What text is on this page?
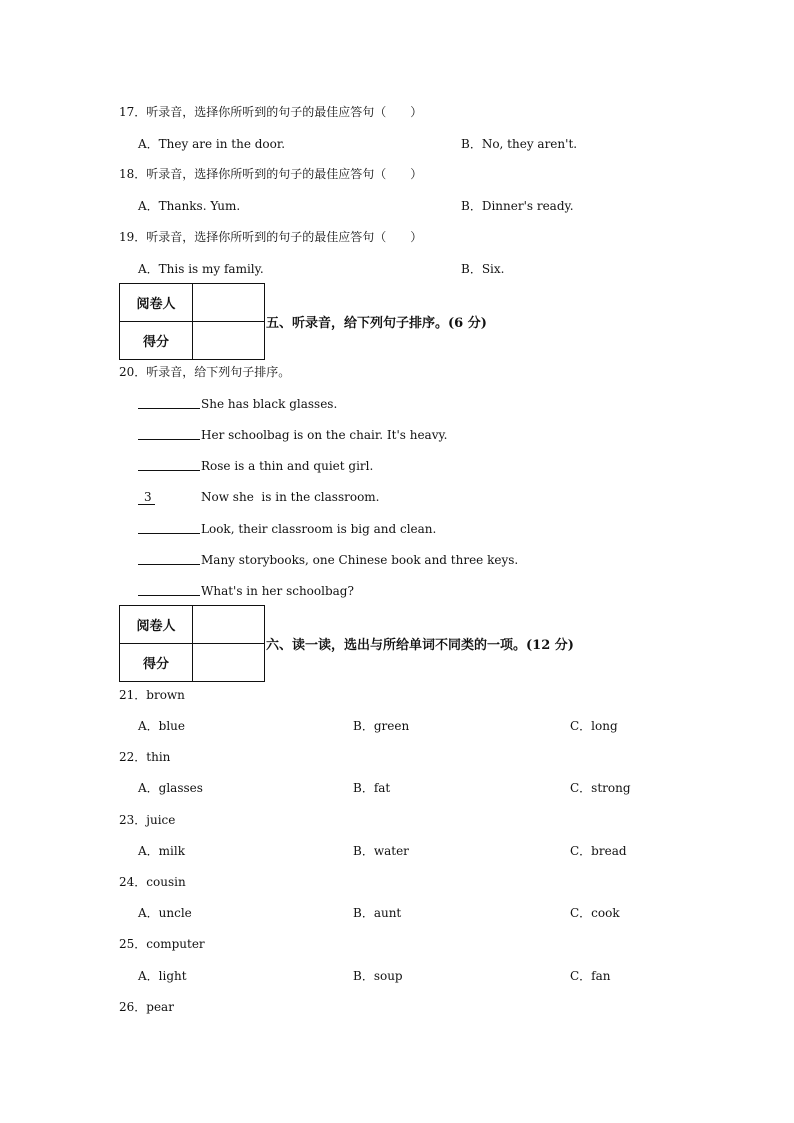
17．听录音，选择你所听到的句子的最佳应答句（　　）
A．They are in the door.	B．No, they aren't.
18．听录音，选择你所听到的句子的最佳应答句（　　）
A．Thanks. Yum.	B．Dinner's ready.
19．听录音，选择你所听到的句子的最佳应答句（　　）
A．This is my family.	B．Six.
阅卷人	
得分	
五、听录音，给下列句子排序。(6 分)
20．听录音，给下列句子排序。
She has black glasses.
Her schoolbag is on the chair. It's heavy.
Rose is a thin and quiet girl.
3	Now she  is in the classroom.
Look, their classroom is big and clean.
Many storybooks, one Chinese book and three keys.
What's in her schoolbag?
阅卷人	
得分	
六、读一读，选出与所给单词不同类的一项。(12 分)
21．brown
A．blue	B．green	C．long
22．thin
A．glasses	B．fat	C．strong
23．juice
A．milk	B．water	C．bread
24．cousin
A．uncle	B．aunt	C．cook
25．computer
A．light	B．soup	C．fan
26．pear
